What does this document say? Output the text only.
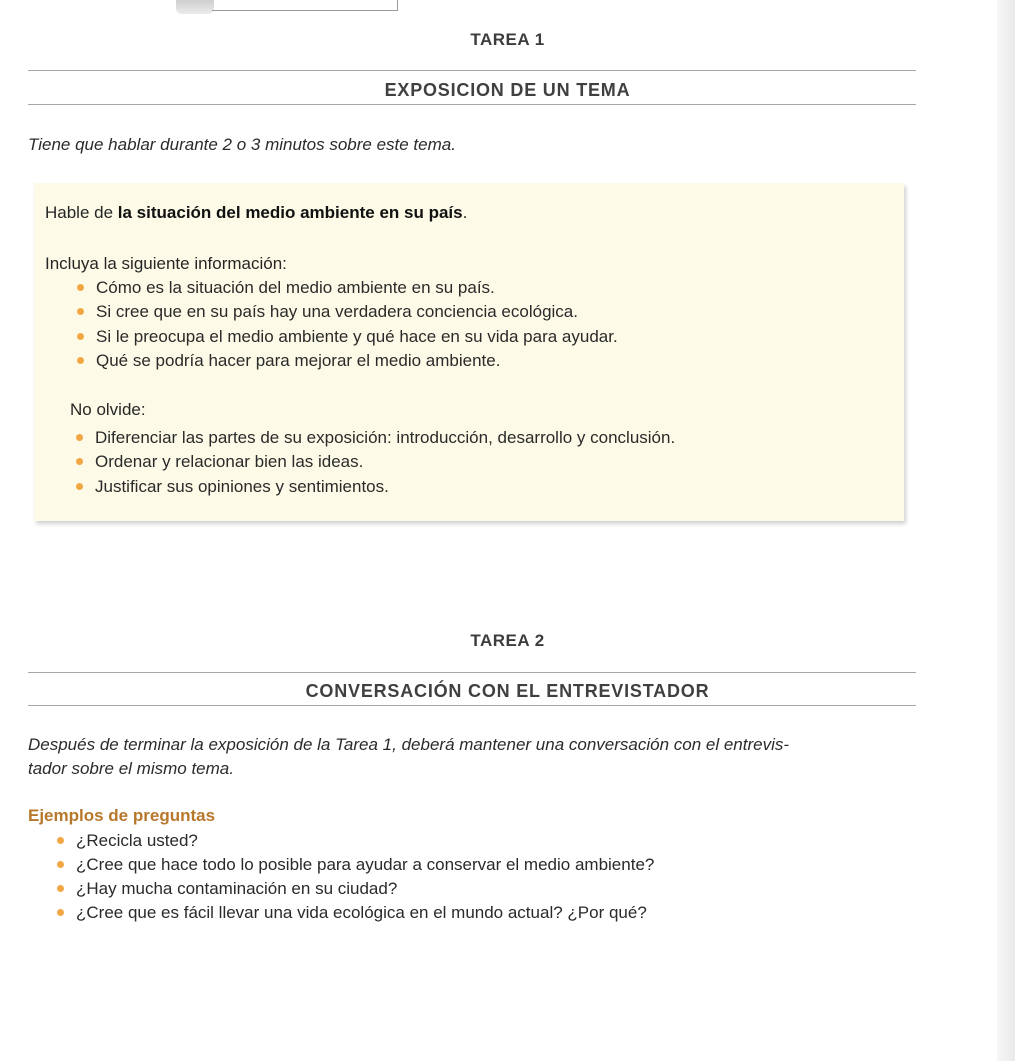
TAREA 1
EXPOSICION DE UN TEMA
Tiene que hablar durante 2 o 3 minutos sobre este tema.
Hable de la situación del medio ambiente en su país.
Incluya la siguiente información:
Cómo es la situación del medio ambiente en su país.
Si cree que en su país hay una verdadera conciencia ecológica.
Si le preocupa el medio ambiente y qué hace en su vida para ayudar.
Qué se podría hacer para mejorar el medio ambiente.
No olvide:
Diferenciar las partes de su exposición: introducción, desarrollo y conclusión.
Ordenar y relacionar bien las ideas.
Justificar sus opiniones y sentimientos.
TAREA 2
CONVERSACIÓN CON EL ENTREVISTADOR
Después de terminar la exposición de la Tarea 1, deberá mantener una conversación con el entrevis-
tador sobre el mismo tema.
Ejemplos de preguntas
¿Recicla usted?
¿Cree que hace todo lo posible para ayudar a conservar el medio ambiente?
¿Hay mucha contaminación en su ciudad?
¿Cree que es fácil llevar una vida ecológica en el mundo actual? ¿Por qué?
